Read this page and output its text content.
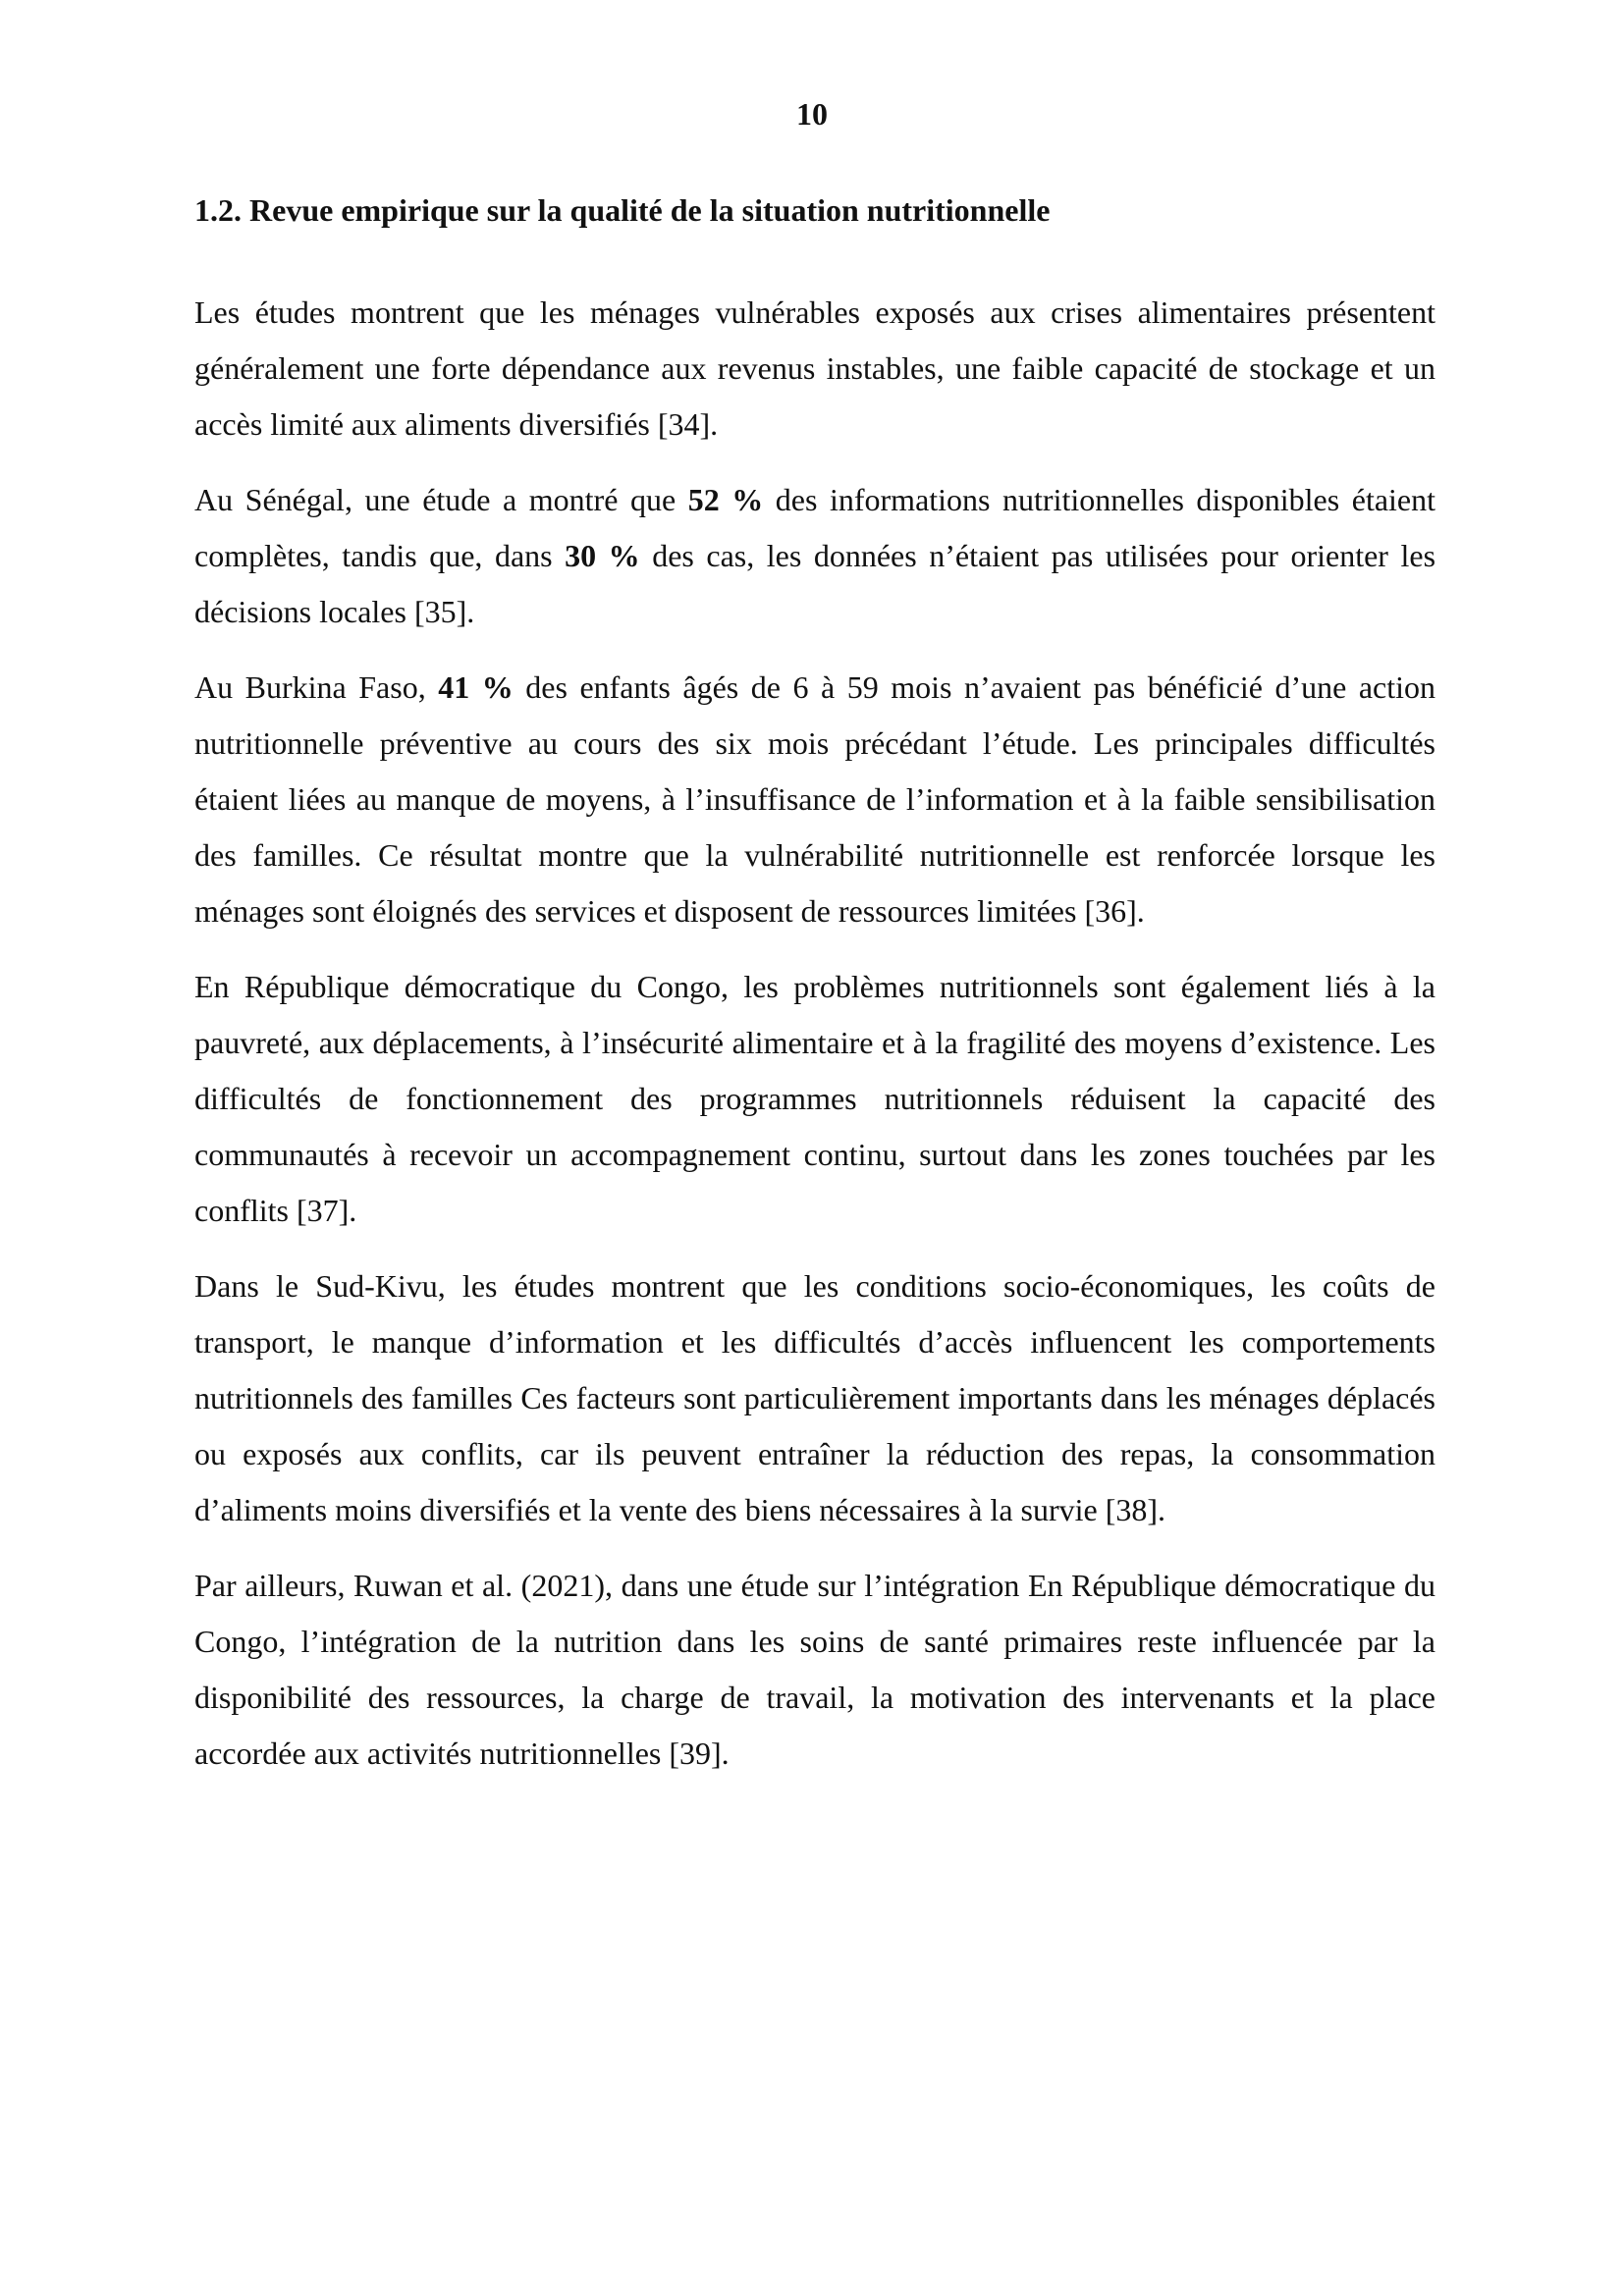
10
1.2. Revue empirique sur la qualité de la situation nutritionnelle

Les études montrent que les ménages vulnérables exposés aux crises alimentaires présentent généralement une forte dépendance aux revenus instables, une faible capacité de stockage et un accès limité aux aliments diversifiés [34].

Au Sénégal, une étude a montré que 52 % des informations nutritionnelles disponibles étaient complètes, tandis que, dans 30 % des cas, les données n’étaient pas utilisées pour orienter les décisions locales [35].

Au Burkina Faso, 41 % des enfants âgés de 6 à 59 mois n’avaient pas bénéficié d’une action nutritionnelle préventive au cours des six mois précédant l’étude. Les principales difficultés étaient liées au manque de moyens, à l’insuffisance de l’information et à la faible sensibilisation des familles. Ce résultat montre que la vulnérabilité nutritionnelle est renforcée lorsque les ménages sont éloignés des services et disposent de ressources limitées [36].

En République démocratique du Congo, les problèmes nutritionnels sont également liés à la pauvreté, aux déplacements, à l’insécurité alimentaire et à la fragilité des moyens d’existence. Les difficultés de fonctionnement des programmes nutritionnels réduisent la capacité des communautés à recevoir un accompagnement continu, surtout dans les zones touchées par les conflits [37].

Dans le Sud-Kivu, les études montrent que les conditions socio-économiques, les coûts de transport, le manque d’information et les difficultés d’accès influencent les comportements nutritionnels des familles Ces facteurs sont particulièrement importants dans les ménages déplacés ou exposés aux conflits, car ils peuvent entraîner la réduction des repas, la consommation d’aliments moins diversifiés et la vente des biens nécessaires à la survie [38].

Par ailleurs, Ruwan et al. (2021), dans une étude sur l’intégration En République démocratique du Congo, l’intégration de la nutrition dans les soins de santé primaires reste influencée par la disponibilité des ressources, la charge de travail, la motivation des intervenants et la place accordée aux activités nutritionnelles [39].
